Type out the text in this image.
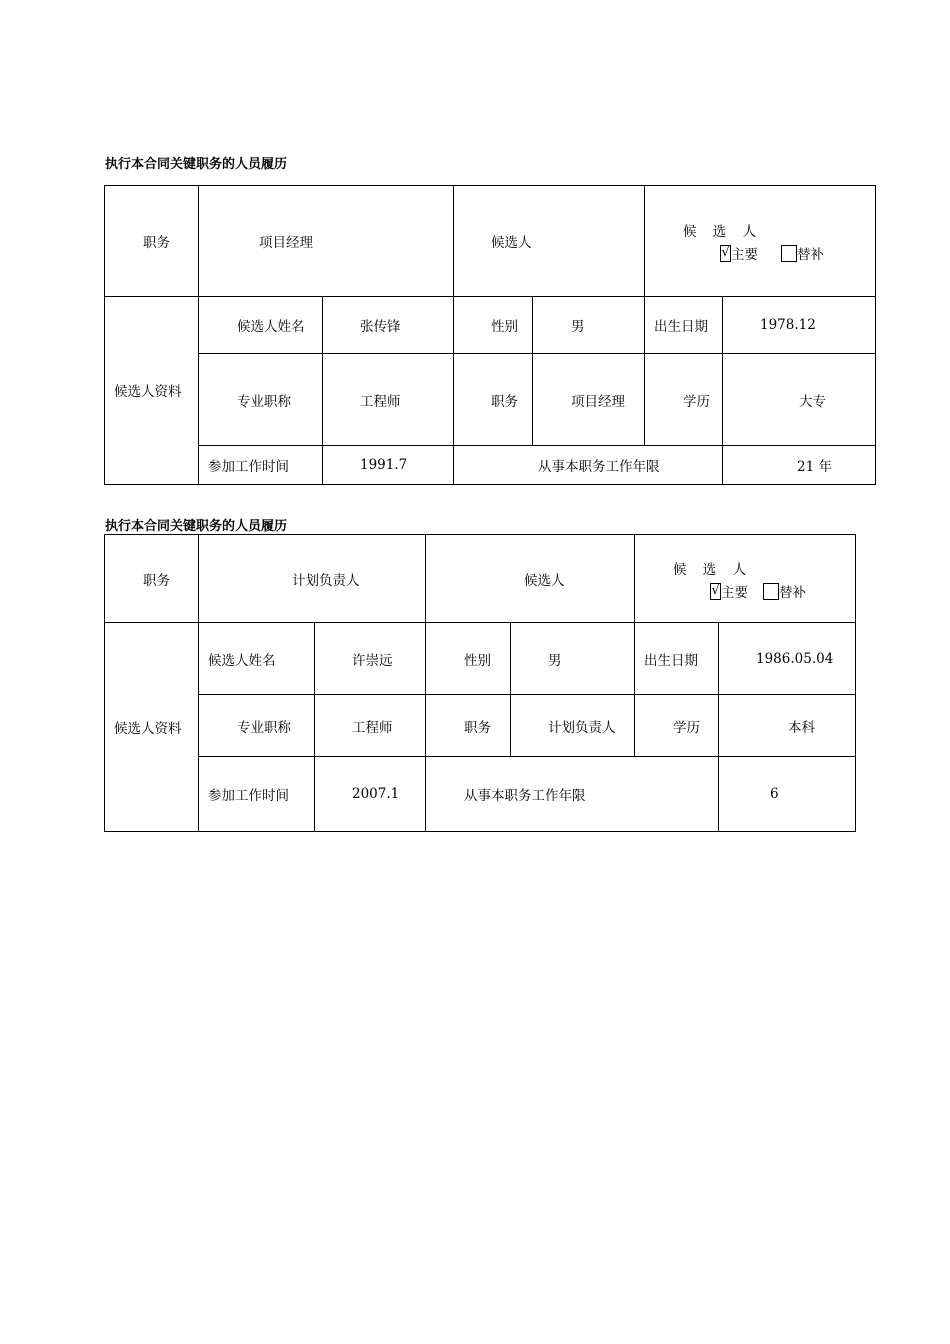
执行本合同关键职务的人员履历
职务	项目经理	候选人
候 选 人
√ 主要	替补
候选人资料
候选人姓名	张传锋	性别	男	出生日期	1978.12
专业职称	工程师	职务	项目经理	学历	大专
参加工作时间	1991.7	从事本职务工作年限	21 年
执行本合同关键职务的人员履历
职务	计划负责人	候选人
候 选 人
√ 主要 替补
候选人资料
候选人姓名	许崇远	性别	男	出生日期	1986.05.04
专业职称	工程师	职务	计划负责人	学历	本科
参加工作时间	2007.1	从事本职务工作年限	6
